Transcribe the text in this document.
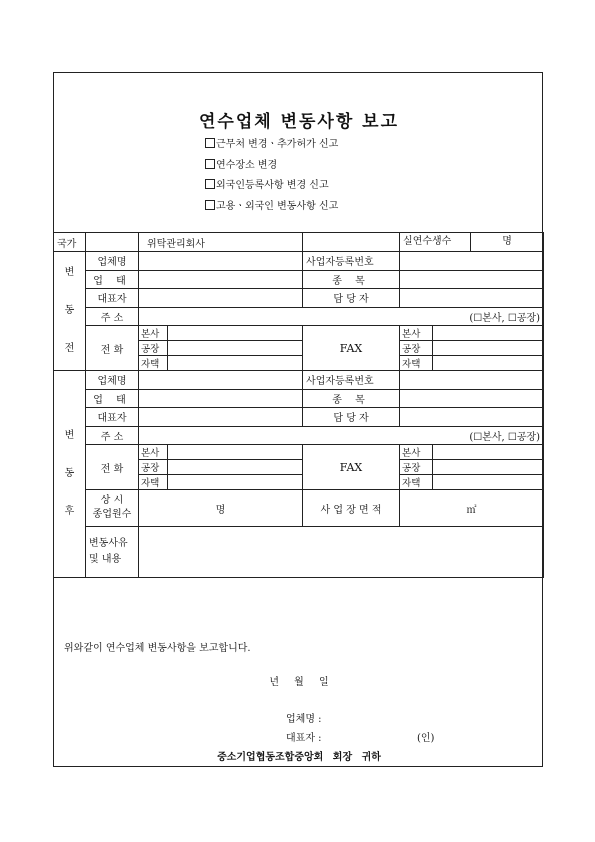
연수업체 변동사항 보고
근무처 변경ㆍ추가허가 신고
연수장소 변경
외국인등록사항 변경 신고
고용ㆍ외국인 변동사항 신고
국가		위탁관리회사			실연수생수 명	

변
동
전	업체명			사업자등록번호		
	업 태			종 목		
	대표자			담 당 자		
	주 소	(☐본사, ☐공장)				
	전 화	본사		FAX	본사	
		공장			공장	
		자택			자택	
변
동
후	업체명			사업자등록번호		
	업 태			종 목		
	대표자			담 당 자		
	주 소	(☐본사, ☐공장)				
	전 화	본사		FAX	본사	
		공장			공장	
		자택			자택	
	상 시
종업원수	명		사 업 장 면 적	㎡	
	변동사유
및 내용					
위와같이 연수업체 변동사항을 보고합니다.
년 월 일
업체명 :
대표자 :	(인)
중소기업협동조합중앙회 회장 귀하
